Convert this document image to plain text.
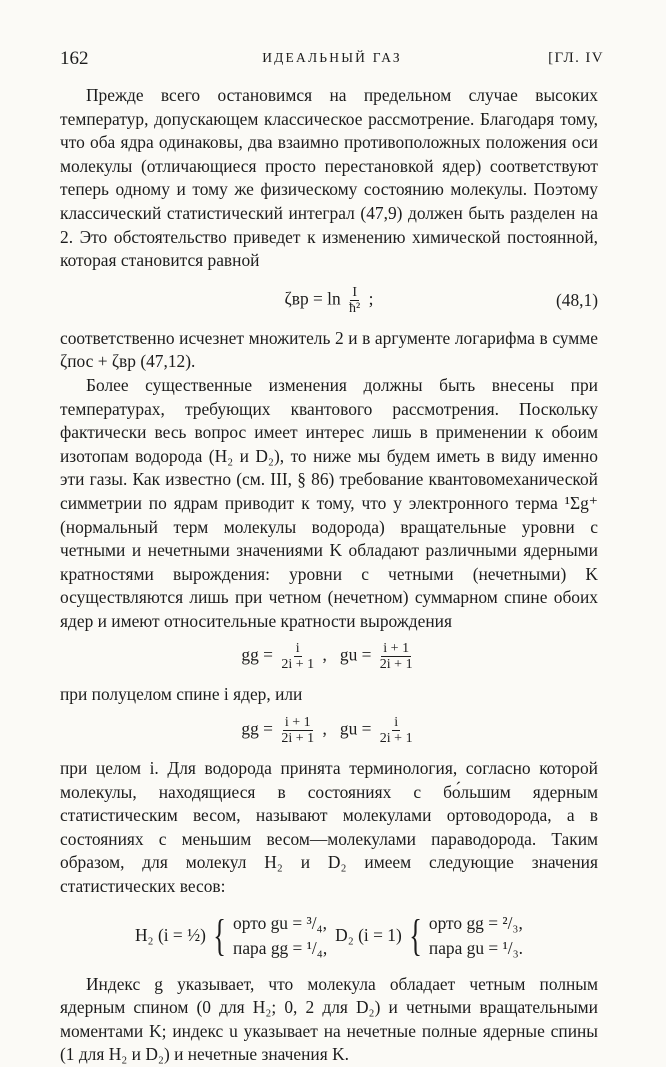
162	ИДЕАЛЬНЫЙ ГАЗ	[ГЛ. IV

Прежде всего остановимся на предельном случае высоких температур, допускающем классическое рассмотрение. Благодаря тому, что оба ядра одинаковы, два взаимно противоположных положения оси молекулы (отличающиеся просто перестановкой ядер) соответствуют теперь одному и тому же физическому состоянию молекулы. Поэтому классический статистический интеграл (47,9) должен быть разделен на 2. Это обстоятельство приведет к изменению химической постоянной, которая становится равной

$\zeta вр = \ln \frac{I}{\text{ħ²}}$ ;	(48,1)

соответственно исчезнет множитель 2 и в аргументе логарифма в сумме ζпос + ζвр (47,12).

Более существенные изменения должны быть внесены при температурах, требующих квантового рассмотрения. Поскольку фактически весь вопрос имеет интерес лишь в применении к обоим изотопам водорода (H₂ и D₂), то ниже мы будем иметь в виду именно эти газы. Как известно (см. III, § 86) требование квантовомеханической симметрии по ядрам приводит к тому, что у электронного терма ¹Σg⁺ (нормальный терм молекулы водорода) вращательные уровни с четными и нечетными значениями K обладают различными ядерными кратностями вырождения: уровни с четными (нечетными) K осуществляются лишь при четном (нечетном) суммарном спине обоих ядер и имеют относительные кратности вырождения

gg = $\frac{i}{2i + 1}$ , gu = $\frac{i + 1}{2i + 1}$

при полуцелом спине i ядер, или

gg = $\frac{i + 1}{2i + 1}$ , gu = $\frac{i}{2i + 1}$

при целом i. Для водорода принята терминология, согласно которой молекулы, находящиеся в состояниях с бо́льшим ядерным статистическим весом, называют молекулами ортоводорода, а в состояниях с меньшим весом—молекулами параводорода. Таким образом, для молекул H₂ и D₂ имеем следующие значения статистических весов:

H₂ (i = ½) { орто gu = ³/₄,
пара gg = ¹/₄,
D₂ (i = 1) { орто gg = ²/₃,
пара gu = ¹/₃.

Индекс g указывает, что молекула обладает четным полным ядерным спином (0 для H₂; 0, 2 для D₂) и четными вращательными моментами K; индекс u указывает на нечетные полные ядерные спины (1 для H₂ и D₂) и нечетные значения K.
